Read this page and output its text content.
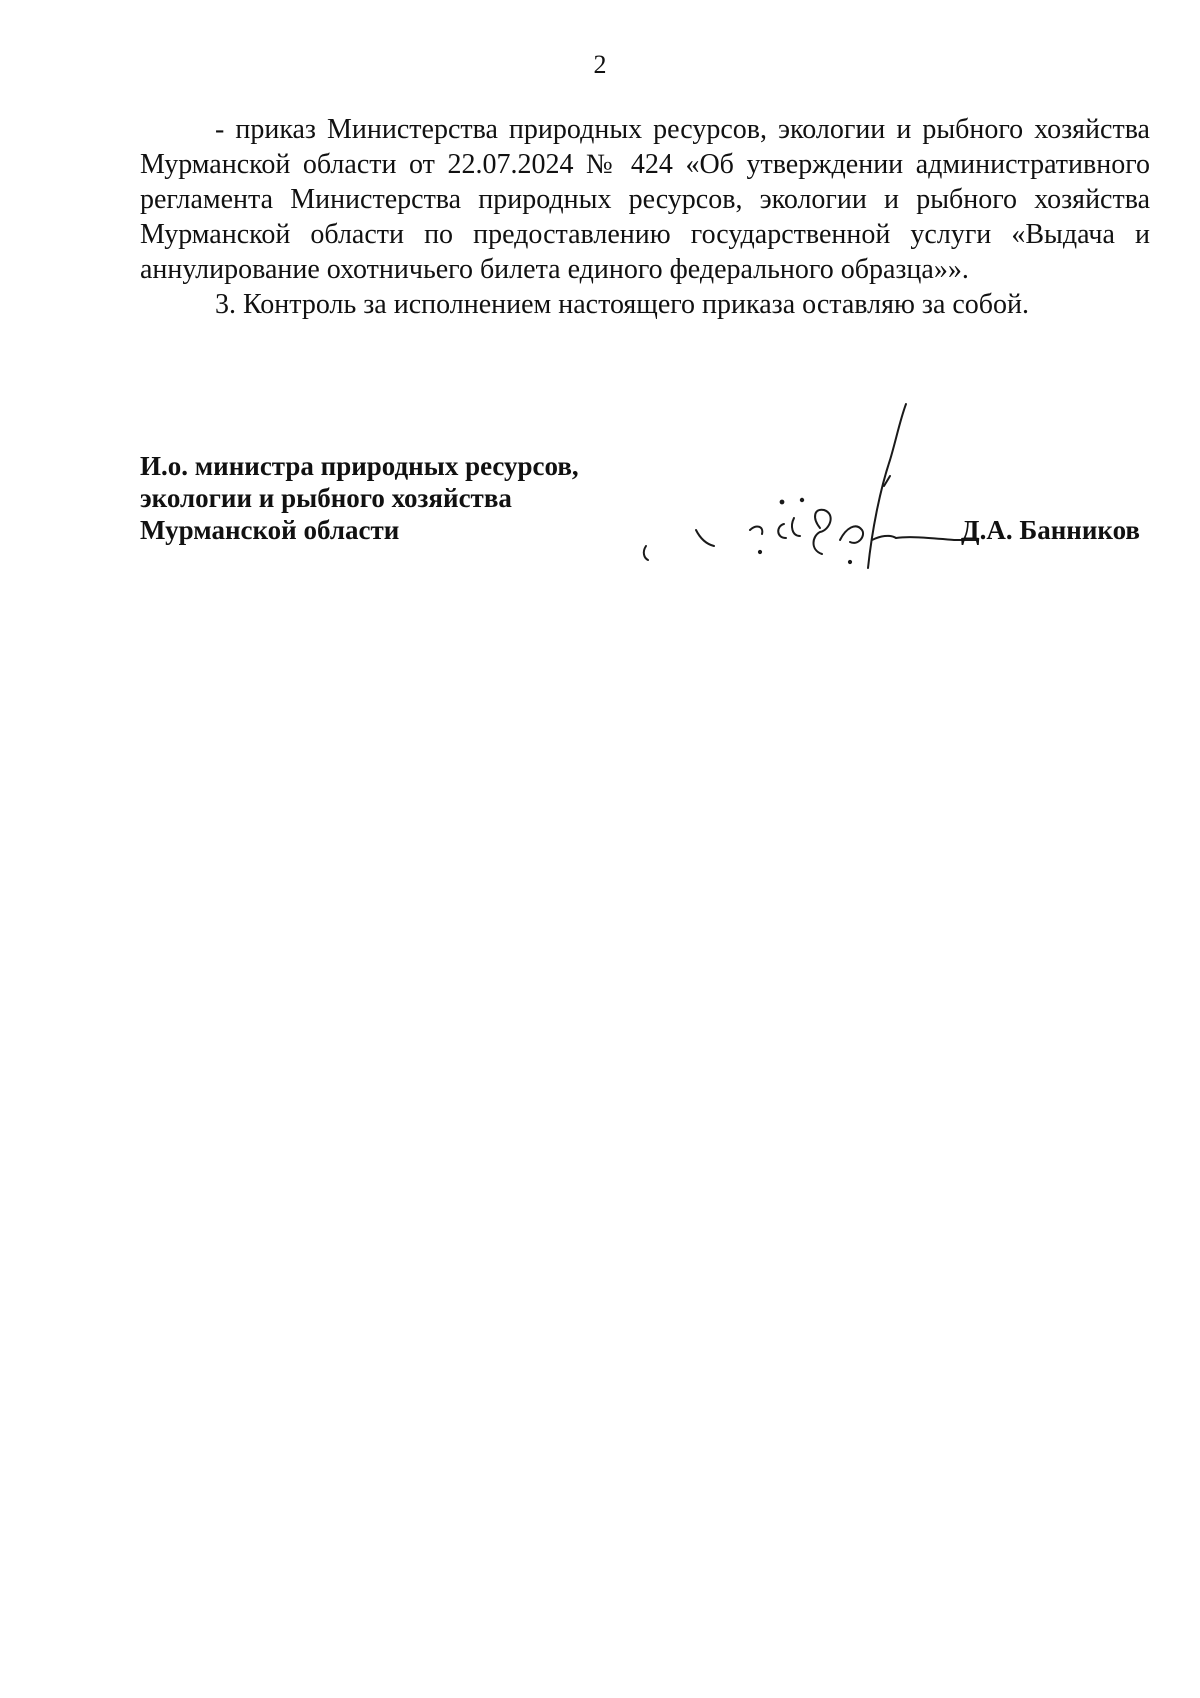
2

- приказ Министерства природных ресурсов, экологии и рыбного хозяйства Мурманской области от 22.07.2024 № 424 «Об утверждении административного регламента Министерства природных ресурсов, экологии и рыбного хозяйства Мурманской области по предоставлению государственной услуги «Выдача и аннулирование охотничьего билета единого федерального образца»».

3. Контроль за исполнением настоящего приказа оставляю за собой.

И.о. министра природных ресурсов,
экологии и рыбного хозяйства
Мурманской области	Д.А. Банников
